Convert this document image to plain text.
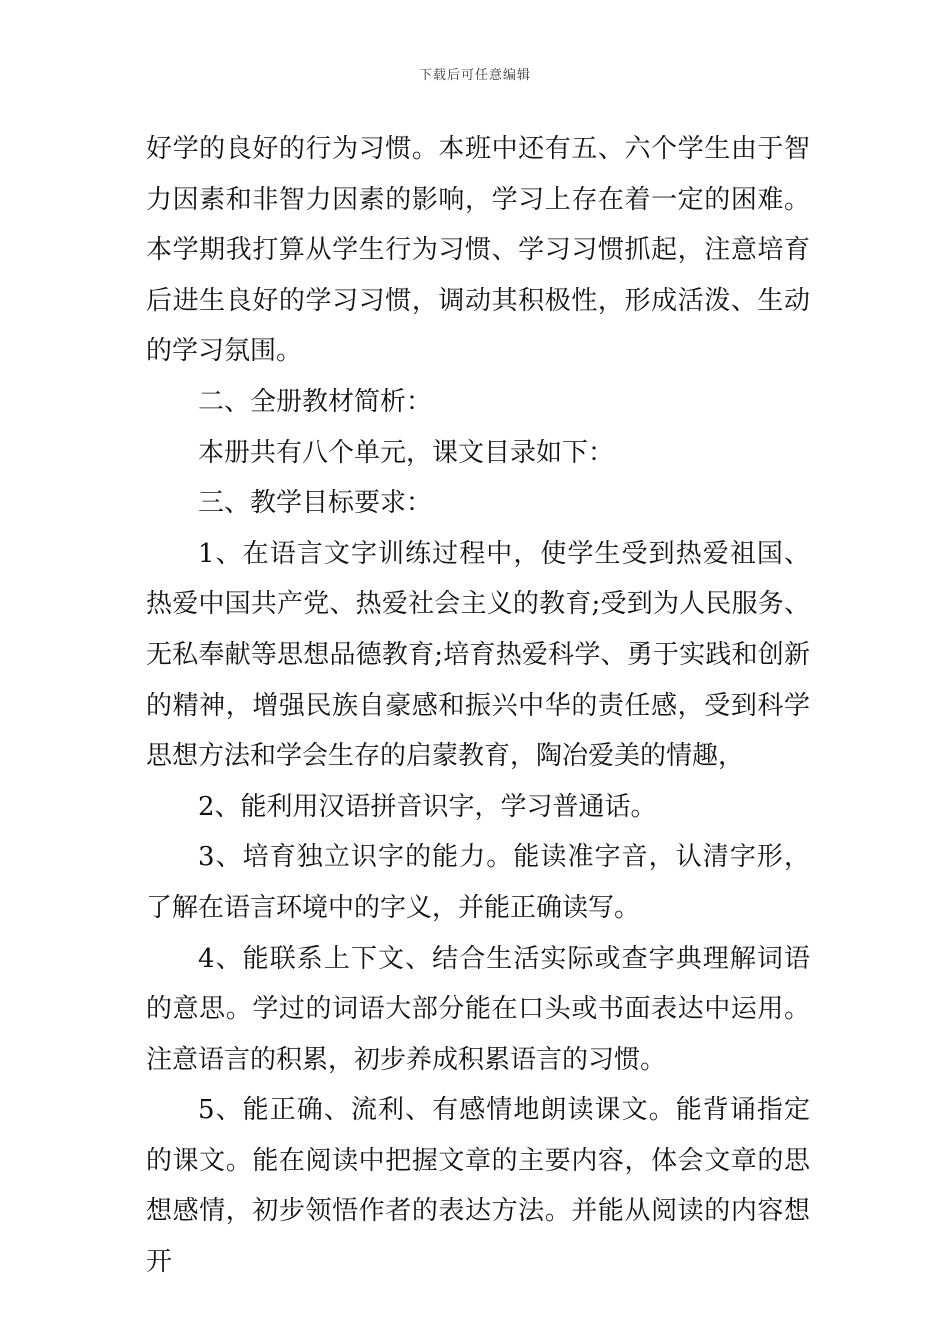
下载后可任意编辑

好学的良好的行为习惯。本班中还有五、六个学生由于智力因素和非智力因素的影响，学习上存在着一定的困难。本学期我打算从学生行为习惯、学习习惯抓起，注意培育后进生良好的学习习惯，调动其积极性，形成活泼、生动的学习氛围。

二、全册教材简析：

本册共有八个单元，课文目录如下：

三、教学目标要求：

1、在语言文字训练过程中，使学生受到热爱祖国、热爱中国共产党、热爱社会主义的教育;受到为人民服务、无私奉献等思想品德教育;培育热爱科学、勇于实践和创新的精神，增强民族自豪感和振兴中华的责任感，受到科学思想方法和学会生存的启蒙教育，陶冶爱美的情趣，

2、能利用汉语拼音识字，学习普通话。

3、培育独立识字的能力。能读准字音，认清字形，了解在语言环境中的字义，并能正确读写。

4、能联系上下文、结合生活实际或查字典理解词语的意思。学过的词语大部分能在口头或书面表达中运用。注意语言的积累，初步养成积累语言的习惯。

5、能正确、流利、有感情地朗读课文。能背诵指定的课文。能在阅读中把握文章的主要内容，体会文章的思想感情，初步领悟作者的表达方法。并能从阅读的内容想开
